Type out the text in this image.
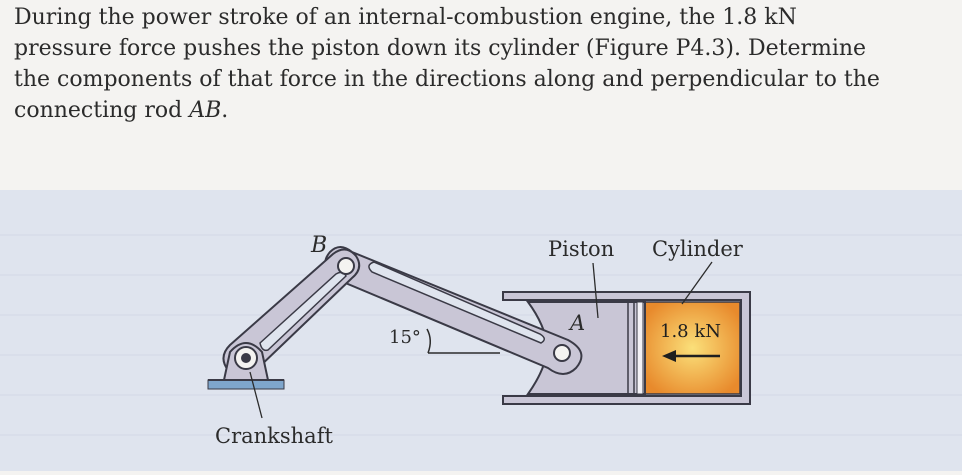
During the power stroke of an internal-combustion engine, the 1.8 kN
pressure force pushes the piston down its cylinder (Figure P4.3). Determine
the components of that force in the directions along and perpendicular to the
connecting rod AB.
B
A
Piston Cylinder
15°	1.8 kN
Crankshaft
